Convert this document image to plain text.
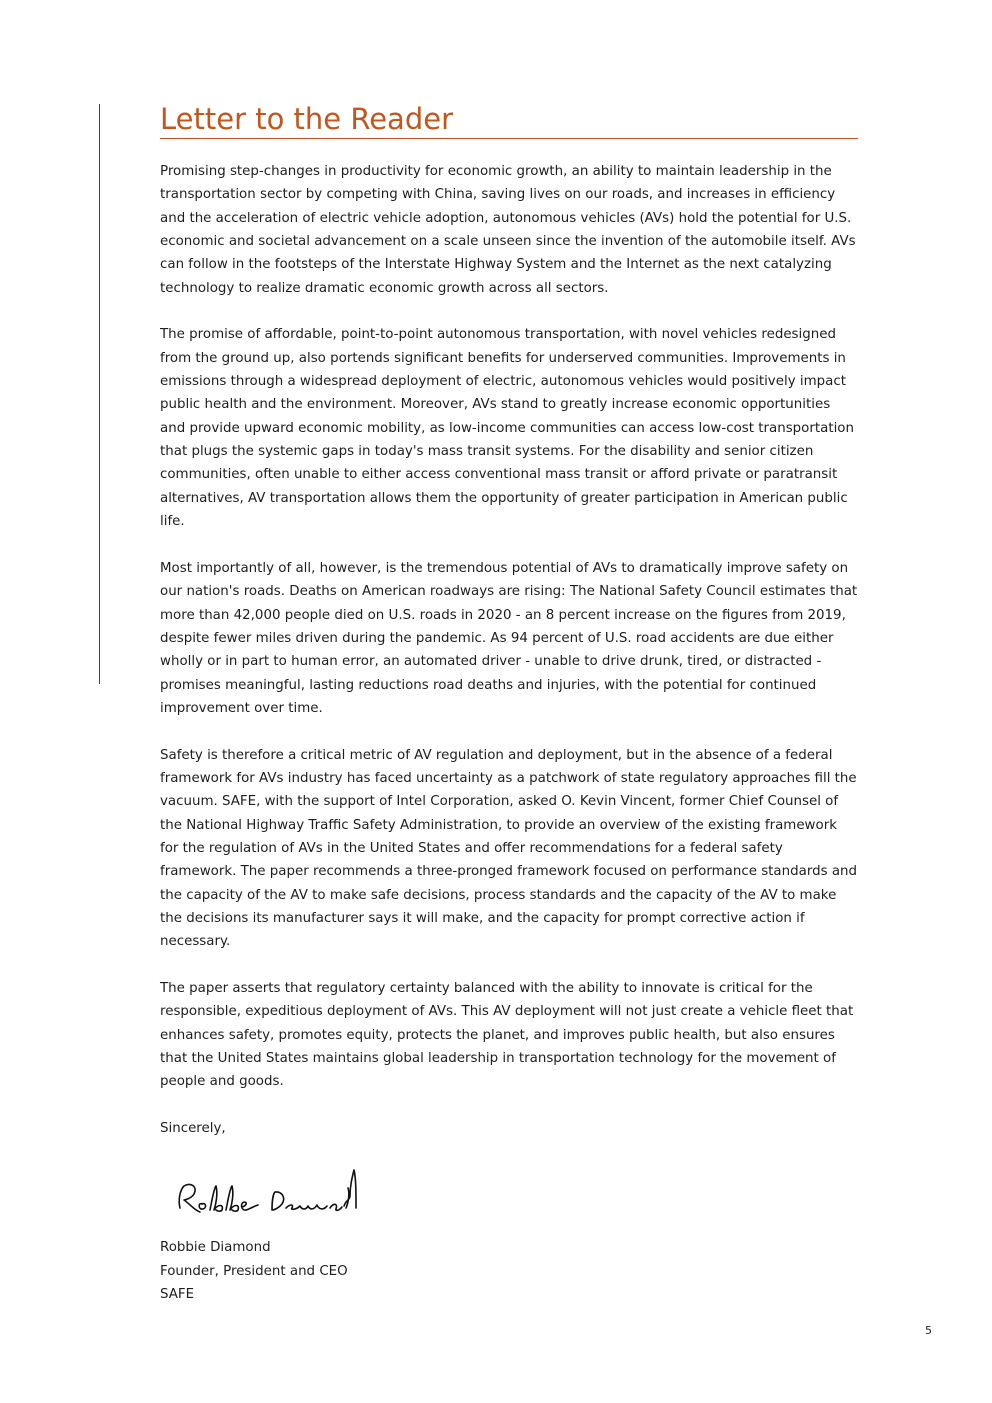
Letter to the Reader

Promising step-changes in productivity for economic growth, an ability to maintain leadership in the transportation sector by competing with China, saving lives on our roads, and increases in efficiency and the acceleration of electric vehicle adoption, autonomous vehicles (AVs) hold the potential for U.S. economic and societal advancement on a scale unseen since the invention of the automobile itself. AVs can follow in the footsteps of the Interstate Highway System and the Internet as the next catalyzing technology to realize dramatic economic growth across all sectors.

The promise of affordable, point-to-point autonomous transportation, with novel vehicles redesigned from the ground up, also portends significant benefits for underserved communities. Improvements in emissions through a widespread deployment of electric, autonomous vehicles would positively impact public health and the environment. Moreover, AVs stand to greatly increase economic opportunities and provide upward economic mobility, as low-income communities can access low-cost transportation that plugs the systemic gaps in today's mass transit systems. For the disability and senior citizen communities, often unable to either access conventional mass transit or afford private or paratransit alternatives, AV transportation allows them the opportunity of greater participation in American public life.

Most importantly of all, however, is the tremendous potential of AVs to dramatically improve safety on our nation's roads. Deaths on American roadways are rising: The National Safety Council estimates that more than 42,000 people died on U.S. roads in 2020 - an 8 percent increase on the figures from 2019, despite fewer miles driven during the pandemic. As 94 percent of U.S. road accidents are due either wholly or in part to human error, an automated driver - unable to drive drunk, tired, or distracted - promises meaningful, lasting reductions road deaths and injuries, with the potential for continued improvement over time.

Safety is therefore a critical metric of AV regulation and deployment, but in the absence of a federal framework for AVs industry has faced uncertainty as a patchwork of state regulatory approaches fill the vacuum. SAFE, with the support of Intel Corporation, asked O. Kevin Vincent, former Chief Counsel of the National Highway Traffic Safety Administration, to provide an overview of the existing framework for the regulation of AVs in the United States and offer recommendations for a federal safety framework. The paper recommends a three-pronged framework focused on performance standards and the capacity of the AV to make safe decisions, process standards and the capacity of the AV to make the decisions its manufacturer says it will make, and the capacity for prompt corrective action if necessary.

The paper asserts that regulatory certainty balanced with the ability to innovate is critical for the responsible, expeditious deployment of AVs. This AV deployment will not just create a vehicle fleet that enhances safety, promotes equity, protects the planet, and improves public health, but also ensures that the United States maintains global leadership in transportation technology for the movement of people and goods.

Sincerely,
Robbie Diamond
Founder, President and CEO
SAFE
5
